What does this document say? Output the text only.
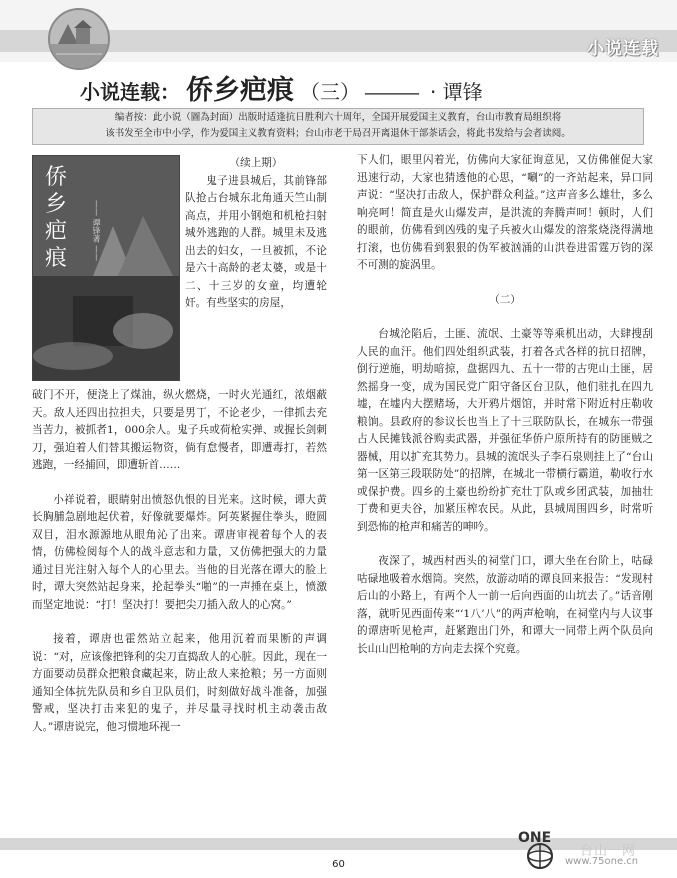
小说连载
小说连载： 侨乡疤痕 （三） ——— · 谭锋
编者按：此小说（圖為封面）出版时适逢抗日胜利六十周年，全国开展爱国主义教育，台山市教育局组织将
该书发至全市中小学，作为爱国主义教育资料；台山市老干局召开离退休干部茶话会，将此书发给与会者读阅。
侨乡疤痕	—— 谭锋著 ——

（续上期）

鬼子进县城后，其前锋部队抢占台城东北角通天竺山制高点，并用小钢炮和机枪扫射城外逃跑的人群。城里未及逃出去的妇女，一旦被抓，不论是六十高龄的老太婆，或是十二、十三岁的女童，均遭轮奸。有些坚实的房屋，

破门不开，便浇上了煤油，纵火燃烧，一时火光通红，浓烟蔽天。敌人还四出拉担夫，只要是男丁，不论老少，一律抓去充当苦力，被抓者1，000余人。鬼子兵或荷枪实弹、或握长剑刺刀，强迫着人们替其搬运物资，倘有怠慢者，即遭毒打，若然逃跑，一经捕回，即遭斩首……

小祥说着，眼睛射出愤怒仇恨的目光来。这时候，谭大黄长胸脯急剧地起伏着，好像就要爆炸。阿英紧握住拳头，瞪圆双目，泪水源源地从眼角沁了出来。谭唐审视着每个人的表情，仿佛检阅每个人的战斗意志和力量，又仿佛把强大的力量通过目光注射入每个人的心里去。当他的目光落在谭大的脸上时，谭大突然站起身来，抡起拳头“啪”的一声捶在桌上，愤激而坚定地说：“打！坚决打！要把尖刀插入敌人的心窝。”

接着，谭唐也霍然站立起来，他用沉着而果断的声调说：“对，应该像把锋利的尖刀直捣敌人的心脏。因此，现在一方面要动员群众把粮食藏起来，防止敌人来抢粮；另一方面则通知全体抗先队员和乡自卫队员们，时刻做好战斗准备，加强警戒，坚决打击来犯的鬼子，并尽量寻找时机主动袭击敌人。”谭唐说完，他习惯地环视一

下人们，眼里闪着光，仿佛向大家征询意见，又仿佛催促大家迅速行动，大家也猜透他的心思，“唰”的一齐站起来，异口同声说：“坚决打击敌人，保护群众利益。”这声音多么雄壮，多么响亮呵！简直是火山爆发声，是洪流的奔腾声呵！顿时，人们的眼前，仿佛看到凶残的鬼子兵被火山爆发的溶浆烧浇得满地打滚，也仿佛看到狠狠的伪军被汹涌的山洪卷进雷霆万钧的深不可测的旋涡里。

（二）

台城沦陷后，土匪、流氓、土豪等等乘机出动，大肆搜刮人民的血汗。他们四处组织武装，打着各式各样的抗日招牌，倒行逆施，明劫暗掠，盘据四九、五十一带的古兜山土匪，居然摇身一变，成为国民党广阳守备区台卫队，他们驻扎在四九墟，在墟内大摆赌场，大开鸦片烟馆，并时常下附近村庄勒收粮饷。县政府的参议长也当上了十三联防队长，在城东一带强占人民摊钱派谷购卖武器，并强征华侨户原所持有的防匪贼之器械，用以扩充其势力。县城的流氓头子李石泉则挂上了“台山第一区第三段联防处”的招牌，在城北一带横行霸道，勒收行水或保护费。四乡的土豪也纷纷扩充壮丁队或乡团武装，加抽壮丁费和更夫谷，加紧压榨农民。从此，县城周围四乡，时常听到恐怖的枪声和痛苦的呻吟。

夜深了，城西村西头的祠堂门口，谭大坐在台阶上，咕碌咕碌地吸着水烟筒。突然，放游动哨的谭良回来报告：“发现村后山的小路上，有两个人一前一后向西面的山坑去了。”话音刚落，就听见西面传来“‘1八’八”的两声枪响，在祠堂内与人议事的谭唐听见枪声，赶紧跑出门外，和谭大一同带上两个队员向长山山凹枪响的方向走去探个究竟。

ONE
台山一网
www.75one.cn
60
